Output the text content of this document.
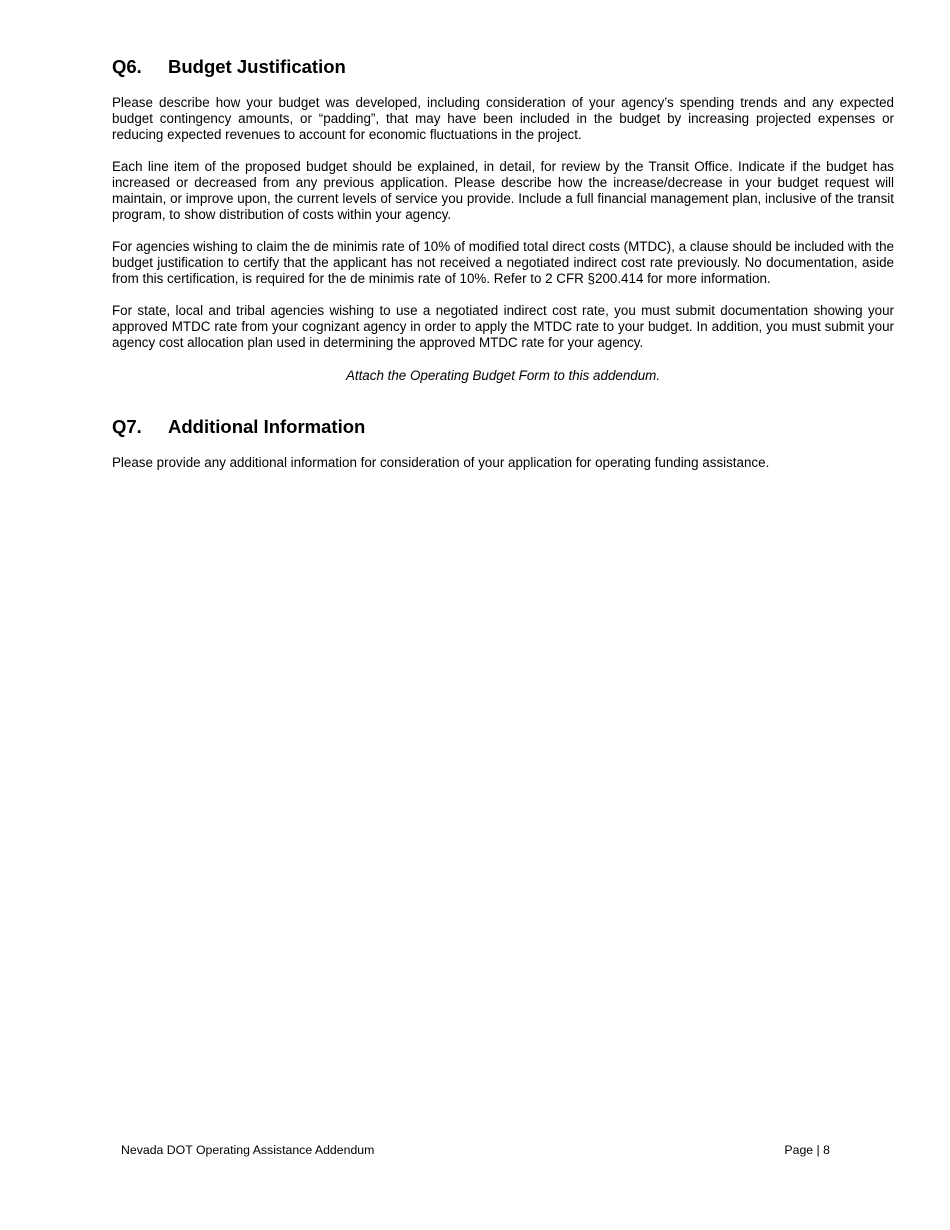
Q6. Budget Justification

Please describe how your budget was developed, including consideration of your agency’s spending trends and any expected budget contingency amounts, or “padding”, that may have been included in the budget by increasing projected expenses or reducing expected revenues to account for economic fluctuations in the project.

Each line item of the proposed budget should be explained, in detail, for review by the Transit Office. Indicate if the budget has increased or decreased from any previous application. Please describe how the increase/decrease in your budget request will maintain, or improve upon, the current levels of service you provide. Include a full financial management plan, inclusive of the transit program, to show distribution of costs within your agency.

For agencies wishing to claim the de minimis rate of 10% of modified total direct costs (MTDC), a clause should be included with the budget justification to certify that the applicant has not received a negotiated indirect cost rate previously. No documentation, aside from this certification, is required for the de minimis rate of 10%. Refer to 2 CFR §200.414 for more information.

For state, local and tribal agencies wishing to use a negotiated indirect cost rate, you must submit documentation showing your approved MTDC rate from your cognizant agency in order to apply the MTDC rate to your budget. In addition, you must submit your agency cost allocation plan used in determining the approved MTDC rate for your agency.

Attach the Operating Budget Form to this addendum.
Q7. Additional Information

Please provide any additional information for consideration of your application for operating funding assistance.

Nevada DOT Operating Assistance Addendum	Page | 8
